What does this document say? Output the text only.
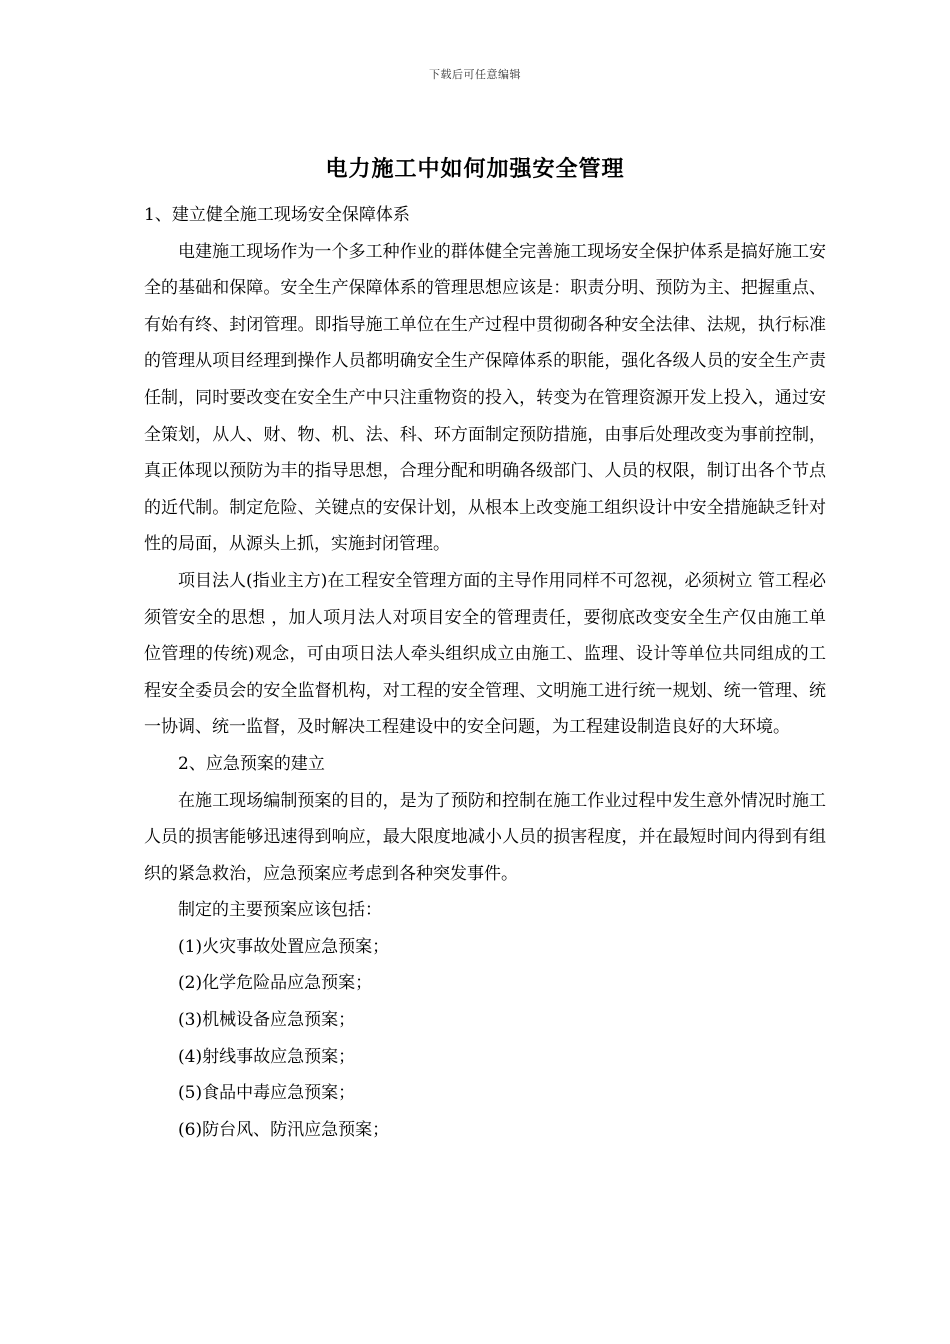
下载后可任意编辑
电力施工中如何加强安全管理

1、建立健全施工现场安全保障体系

电建施工现场作为一个多工种作业的群体健全完善施工现场安全保护体系是搞好施工安全的基础和保障。安全生产保障体系的管理思想应该是：职责分明、预防为主、把握重点、有始有终、封闭管理。即指导施工单位在生产过程中贯彻砌各种安全法律、法规，执行标准的管理从项目经理到操作人员都明确安全生产保障体系的职能，强化各级人员的安全生产责任制，同时要改变在安全生产中只注重物资的投入，转变为在管理资源开发上投入，通过安全策划，从人、财、物、机、法、科、环方面制定预防措施，由事后处理改变为事前控制，真正体现以预防为丰的指导思想，合理分配和明确各级部门、人员的权限，制订出各个节点的近代制。制定危险、关键点的安保计划，从根本上改变施工组织设计中安全措施缺乏针对性的局面，从源头上抓，实施封闭管理。

项目法人(指业主方)在工程安全管理方面的主导作用同样不可忽视，必须树立 管工程必须管安全的思想 ，加人项月法人对项目安全的管理责任，要彻底改变安全生产仅由施工单位管理的传统)观念，可由项日法人牵头组织成立由施工、监理、设计等单位共同组成的工程安全委员会的安全监督机构，对工程的安全管理、文明施工进行统一规划、统一管理、统一协调、统一监督，及时解决工程建设中的安全问题，为工程建设制造良好的大环境。

2、应急预案的建立

在施工现场编制预案的目的，是为了预防和控制在施工作业过程中发生意外情况时施工人员的损害能够迅速得到响应，最大限度地减小人员的损害程度，并在最短时间内得到有组织的紧急救治，应急预案应考虑到各种突发事件。

制定的主要预案应该包括：

(1)火灾事故处置应急预案；

(2)化学危险品应急预案；

(3)机械设备应急预案；

(4)射线事故应急预案；

(5)食品中毒应急预案；

(6)防台风、防汛应急预案；
